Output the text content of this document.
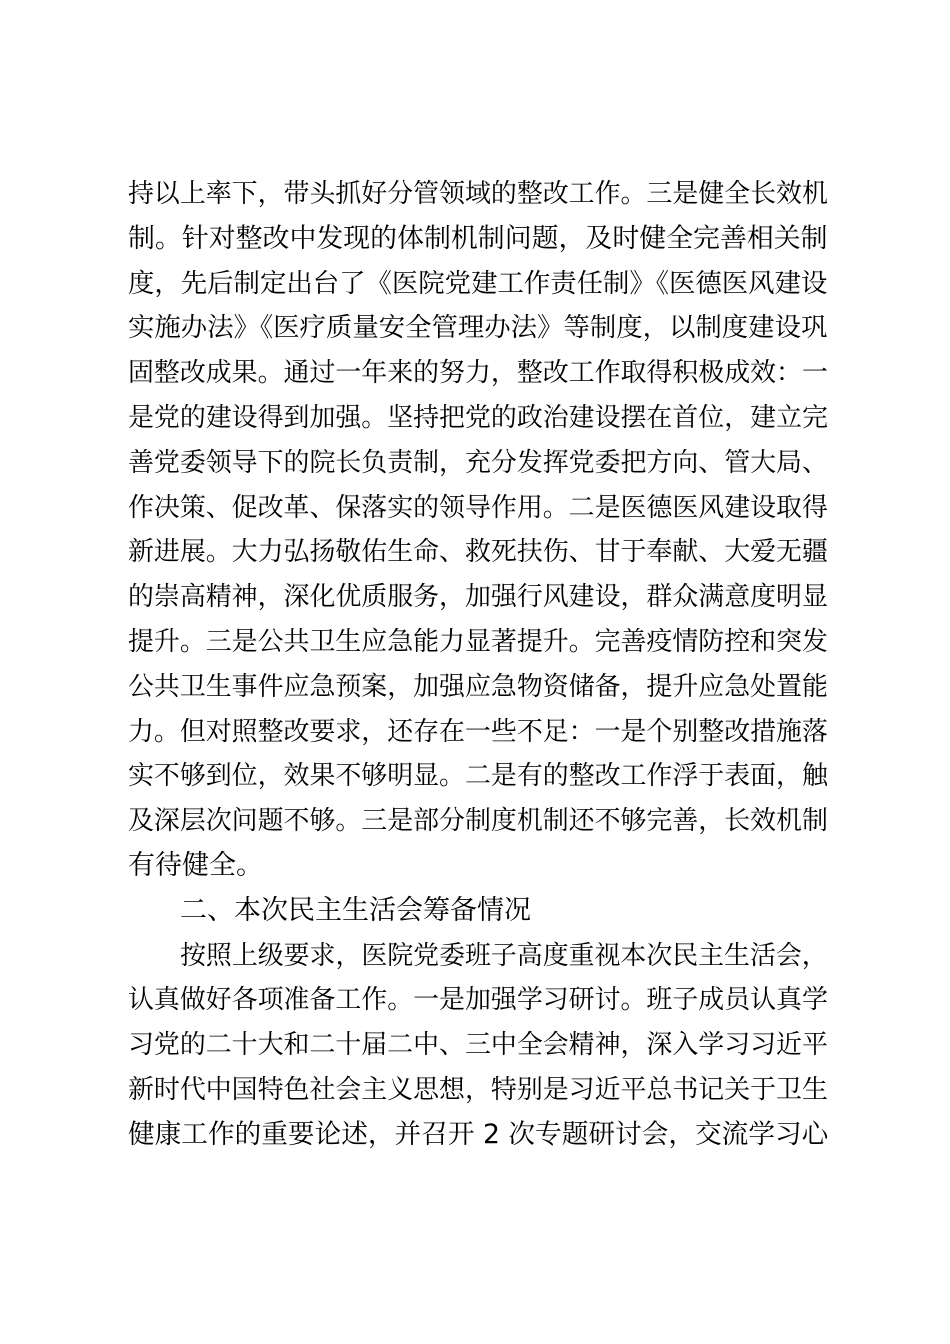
持以上率下，带头抓好分管领域的整改工作。三是健全长效机
制。针对整改中发现的体制机制问题，及时健全完善相关制
度，先后制定出台了《医院党建工作责任制》《医德医风建设
实施办法》《医疗质量安全管理办法》等制度，以制度建设巩
固整改成果。通过一年来的努力，整改工作取得积极成效：一
是党的建设得到加强。坚持把党的政治建设摆在首位，建立完
善党委领导下的院长负责制，充分发挥党委把方向、管大局、
作决策、促改革、保落实的领导作用。二是医德医风建设取得
新进展。大力弘扬敬佑生命、救死扶伤、甘于奉献、大爱无疆
的崇高精神，深化优质服务，加强行风建设，群众满意度明显
提升。三是公共卫生应急能力显著提升。完善疫情防控和突发
公共卫生事件应急预案，加强应急物资储备，提升应急处置能
力。但对照整改要求，还存在一些不足：一是个别整改措施落
实不够到位，效果不够明显。二是有的整改工作浮于表面，触
及深层次问题不够。三是部分制度机制还不够完善，长效机制
有待健全。
二、本次民主生活会筹备情况
按照上级要求，医院党委班子高度重视本次民主生活会，
认真做好各项准备工作。一是加强学习研讨。班子成员认真学
习党的二十大和二十届二中、三中全会精神，深入学习习近平
新时代中国特色社会主义思想，特别是习近平总书记关于卫生
健康工作的重要论述，并召开 2 次专题研讨会，交流学习心
